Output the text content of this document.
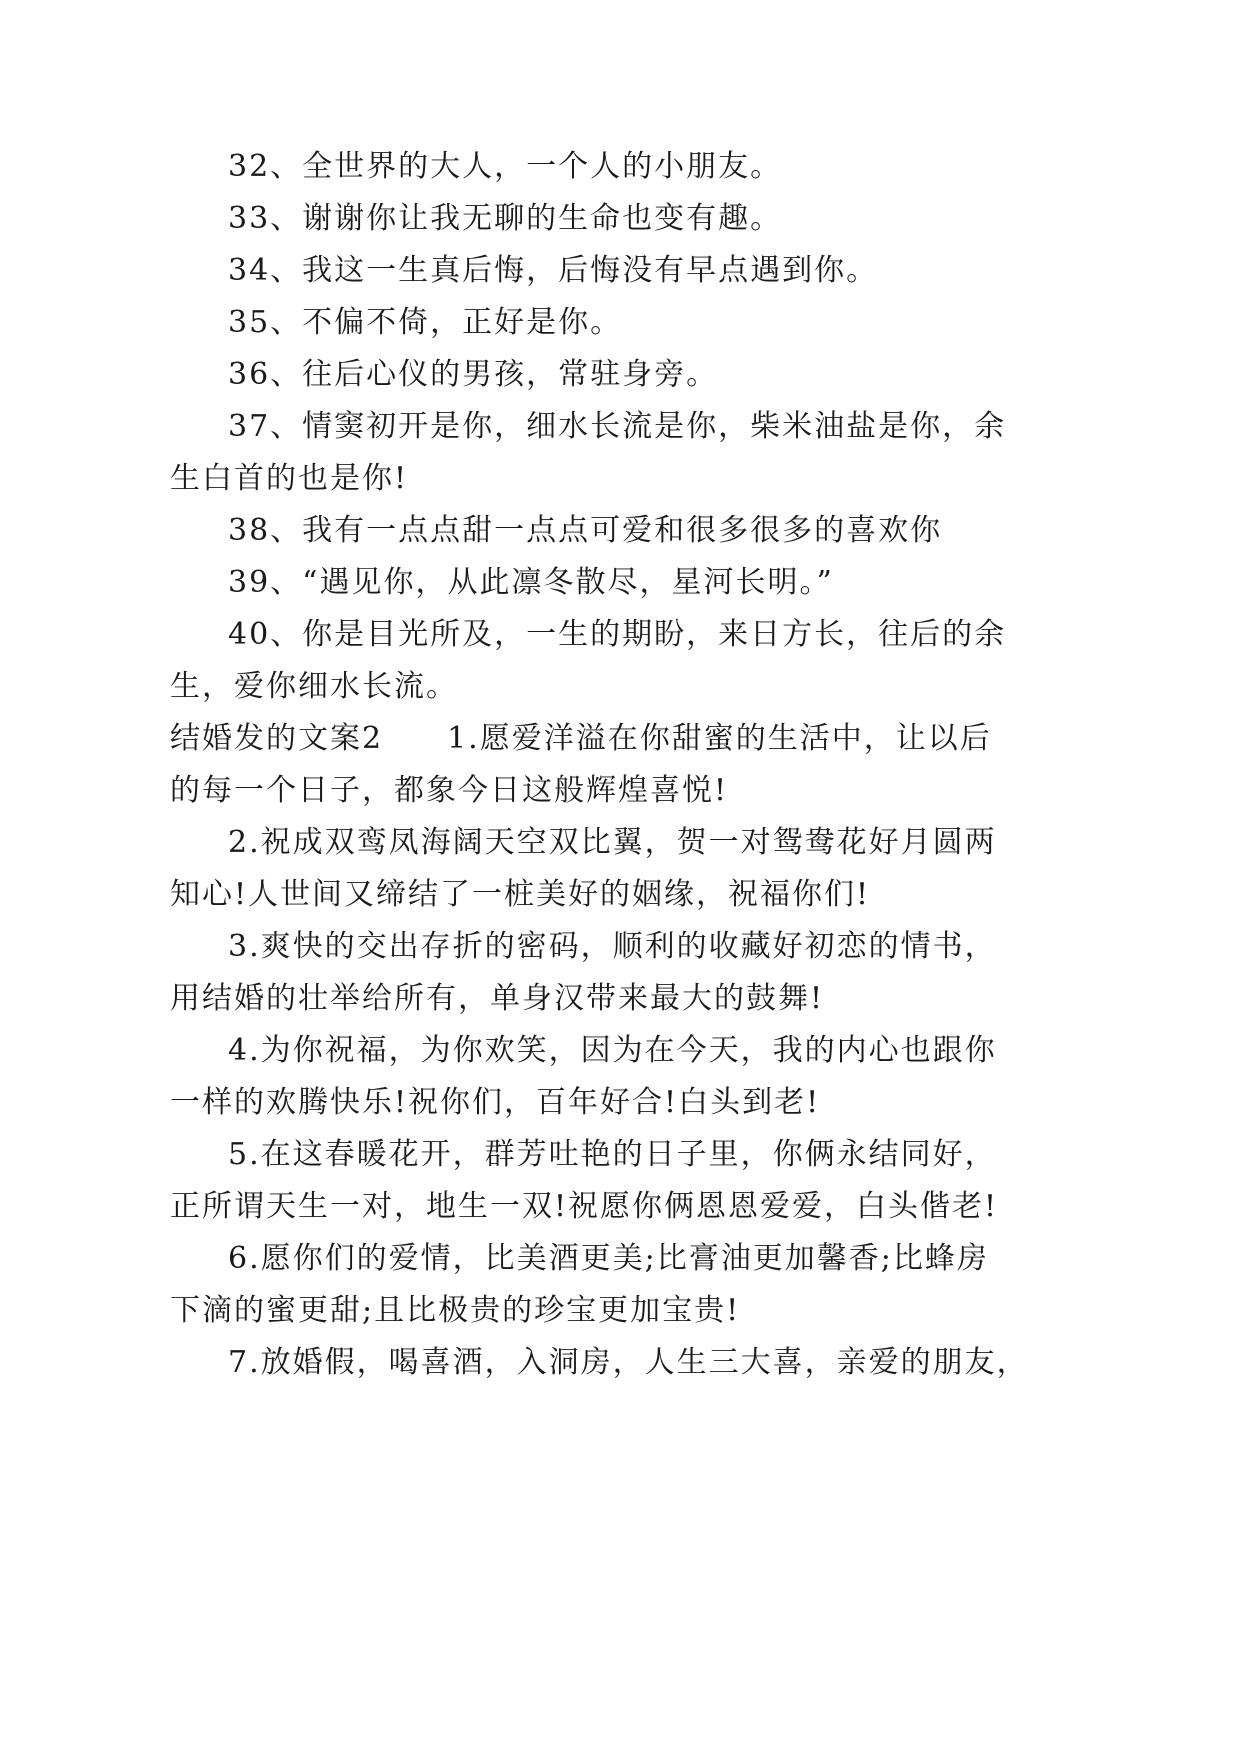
32、全世界的大人，一个人的小朋友。
33、谢谢你让我无聊的生命也变有趣。
34、我这一生真后悔，后悔没有早点遇到你。
35、不偏不倚，正好是你。
36、往后心仪的男孩，常驻身旁。
37、情窦初开是你，细水长流是你，柴米油盐是你，余
生白首的也是你!
38、我有一点点甜一点点可爱和很多很多的喜欢你
39、“遇见你，从此凛冬散尽，星河长明。”
40、你是目光所及，一生的期盼，来日方长，往后的余
生，爱你细水长流。
结婚发的文案2　　1.愿爱洋溢在你甜蜜的生活中，让以后
的每一个日子，都象今日这般辉煌喜悦!
2.祝成双鸾凤海阔天空双比翼，贺一对鸳鸯花好月圆两
知心!人世间又缔结了一桩美好的姻缘，祝福你们!
3.爽快的交出存折的密码，顺利的收藏好初恋的情书，
用结婚的壮举给所有，单身汉带来最大的鼓舞!
4.为你祝福，为你欢笑，因为在今天，我的内心也跟你
一样的欢腾快乐!祝你们，百年好合!白头到老!
5.在这春暖花开，群芳吐艳的日子里，你俩永结同好，
正所谓天生一对，地生一双!祝愿你俩恩恩爱爱，白头偕老!
6.愿你们的爱情，比美酒更美;比膏油更加馨香;比蜂房
下滴的蜜更甜;且比极贵的珍宝更加宝贵!
7.放婚假，喝喜酒，入洞房，人生三大喜，亲爱的朋友，
